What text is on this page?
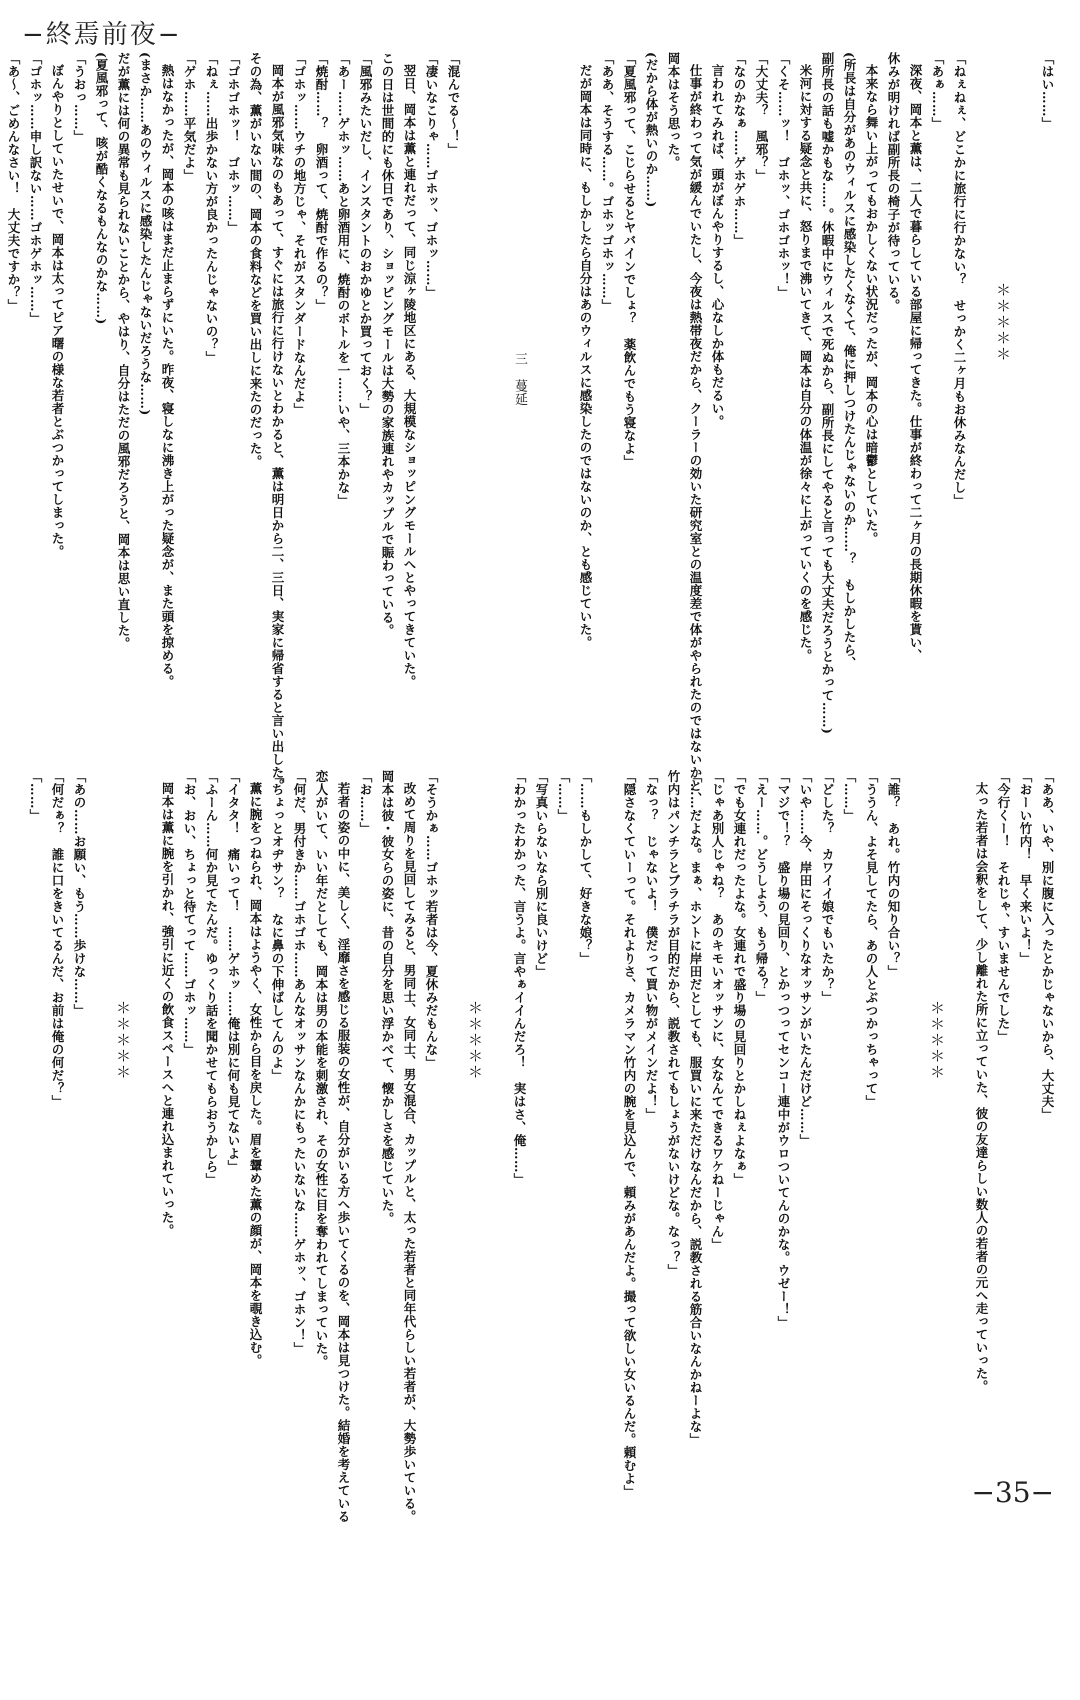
−終焉前夜−
「はい……」
＊＊＊＊＊
「ねぇねぇ、どこかに旅行に行かない？　せっかく二ヶ月もお休みなんだし」
「あぁ……」
深夜、岡本と薫は、二人で暮らしている部屋に帰ってきた。仕事が終わって二ヶ月の長期休暇を貰い、
休みが明ければ副所長の椅子が待っている。
本来なら舞い上がってもおかしくない状況だったが、岡本の心は暗鬱としていた。
(所長は自分があのウィルスに感染したくなくて、俺に押しつけたんじゃないのか……？　もしかしたら、
副所長の話も嘘かもな……。休暇中にウィルスで死ぬから、副所長にしてやると言っても大丈夫だろうとかって……)
米河に対する疑念と共に、怒りまで沸いてきて、岡本は自分の体温が徐々に上がっていくのを感じた。
「くそ……ッ！　ゴホッ、ゴホゴホッ！」
「大丈夫？　風邪？」
「なのかなぁ……ゲホゲホ……」
言われてみれば、頭がぼんやりするし、心なしか体もだるい。
仕事が終わって気が緩んでいたし、今夜は熱帯夜だから、クーラーの効いた研究室との温度差で体がやられたのではないかと、
岡本はそう思った。
(だから体が熱いのか……)
「夏風邪って、こじらせるとヤバインでしょ？　薬飲んでもう寝なよ」
「ああ、そうする……。ゴホッゴホッ……」
だが岡本は同時に、もしかしたら自分はあのウィルスに感染したのではないのか、とも感じていた。
三　蔓延
「混んでる〜！」
「凄いなこりゃ……ゴホッ、ゴホッ……」
翌日、岡本は薫と連れだって、同じ涼ヶ陵地区にある、大規模なショッピングモールへとやってきていた。
この日は世間的にも休日であり、ショッピングモールは大勢の家族連れやカップルで賑わっている。
「風邪みたいだし、インスタントのおかゆとか買っておく？」
「あー……ゲホッ……あと卵酒用に、焼酎のボトルを一……いや、三本かな」
「焼酎……？　卵酒って、焼酎で作るの？」
「ゴホッ……ウチの地方じゃ、それがスタンダードなんだよ」
岡本が風邪気味なのもあって、すぐには旅行に行けないとわかると、薫は明日から二、三日、実家に帰省すると言い出した。
その為、薫がいない間の、岡本の食料などを買い出しに来たのだった。
「ゴホゴホッ！　ゴホッ……」
「ねぇ……出歩かない方が良かったんじゃないの？」
「ゲホ……平気だよ」
熱はなかったが、岡本の咳はまだ止まらずにいた。昨夜、寝しなに沸き上がった疑念が、また頭を掠める。
(まさか……あのウィルスに感染したんじゃないだろうな……)
だが薫には何の異常も見られないことから、やはり、自分はただの風邪だろうと、岡本は思い直した。
(夏風邪って、咳が酷くなるもんなのかな……)
「うおっ……」
ぼんやりとしていたせいで、岡本は太ってピア曙の様な若者とぶつかってしまった。
「ゴホッ……申し訳ない……ゴホゲホッ……」
「あ〜、ごめんなさい！　大丈夫ですか？」
「ああ、いや、別に腹に入ったとかじゃないから、大丈夫」
「おーい竹内！　早く来いよ！」
「今行くー！　それじゃ、すいませんでした」
太った若者は会釈をして、少し離れた所に立っていた、彼の友達らしい数人の若者の元へ走っていった。
＊＊＊＊＊
「誰？　あれ。竹内の知り合い？」
「ううん、よそ見してたら、あの人とぶつかっちゃって」
「……」
「どした？　カワイイ娘でもいたか？」
「いや……今、岸田にそっくりなオッサンがいたんだけど……」
「マジで！？　盛り場の見回り、とかっつってセンコー連中がウロついてんのかな。ウゼー！」
「えー……。どうしよう、もう帰る？」
「でも女連れだったよな。女連れで盛り場の見回りとかしねぇよなぁ」
「じゃあ別人じゃね？　あのキモいオッサンに、女なんてできるワケねーじゃん」
「……だよな。まぁ、ホントに岸田だとしても、服買いに来ただけなんだから、説教される筋合いなんかねーよな」
竹内はパンチラとブラチラが目的だから、説教されてもしょうがないけどな。なっ？」
「なっ？　じゃないよ！　僕だって買い物がメインだよ！」
「隠さなくていーって。それよりさ、カメラマン竹内の腕を見込んで、頼みがあんだよ。撮って欲しい女いるんだ。頼むよ」
「……もしかして、好きな娘？」
「……」
「写真いらないなら別に良いけど」
「わかったわかった、言うよ。言やぁイイんだろ！　実はさ、俺……」
＊＊＊＊＊
「そうかぁ……ゴホッ若者は今、夏休みだもんな」
改めて周りを見回してみると、男同士、女同士、男女混合、カップルと、太った若者と同年代らしい若者が、大勢歩いている。
岡本は彼・彼女らの姿に、昔の自分を思い浮かべて、懐かしさを感じていた。
「お……」
若者の姿の中に、美しく、淫靡さを感じる服装の女性が、自分がいる方へ歩いてくるのを、岡本は見つけた。結婚を考えている
恋人がいて、いい年だとしても、岡本は男の本能を刺激され、その女性に目を奪われてしまっていた。
「何だ、男付きか……ゴホゴホ……あんなオッサンなんかにもったいないな……ゲホッ、ゴホン！」
「ちょっとオヂサン？　なに鼻の下伸ばしてんのよ」
薫に腕をつねられ、岡本はようやく、女性から目を戻した。眉を顰めた薫の顔が、岡本を覗き込む。
「イタタ！　痛いって！　……ゲホッ……俺は別に何も見てないよ」
「ふーん……何か見てたんだ。ゆっくり話を聞かせてもらおうかしら」
「お、おい、ちょっと待てって……ゴホッ……」
岡本は薫に腕を引かれ、強引に近くの飲食スペースへと連れ込まれていった。
＊＊＊＊＊
「あの……お願い、もう……歩けな……」
「何だぁ？　誰に口をきいてるんだ、お前は俺の何だ？」
「……」
−35−
